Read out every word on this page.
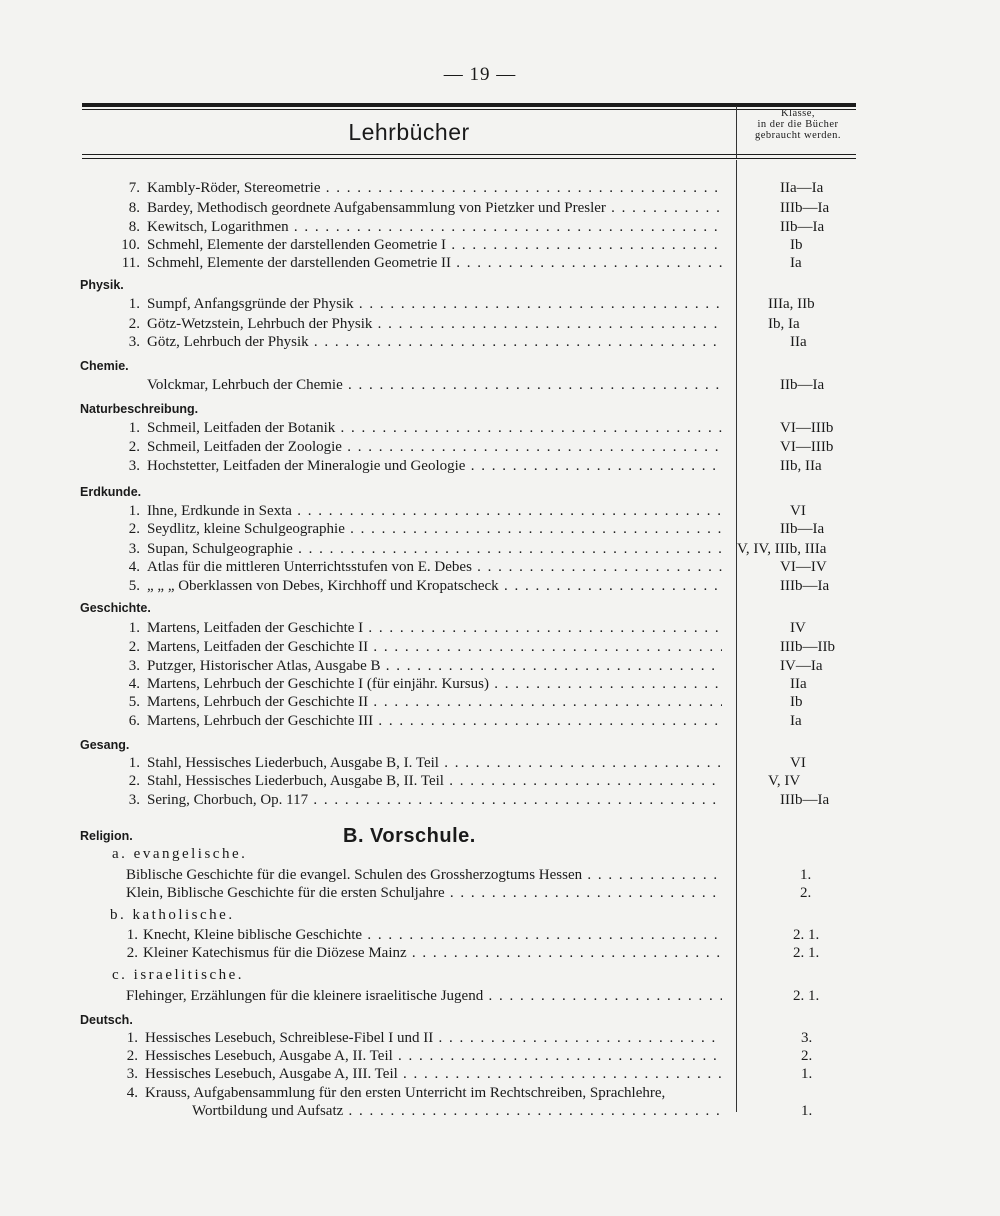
— 19 —
Lehrbücher
Klasse,
in der die Bücher
gebraucht werden.
7. Kambly-Röder, Stereometrie . . .	IIa—Ia
8. Bardey, Methodisch geordnete Aufgabensammlung von Pietzker und Presler . . .	IIIb—Ia
8. Kewitsch, Logarithmen . . .	IIb—Ia
10. Schmehl, Elemente der darstellenden Geometrie I . . .	Ib
11. Schmehl, Elemente der darstellenden Geometrie II . . .	Ia
Physik.
1. Sumpf, Anfangsgründe der Physik . . .	IIIa, IIb
2. Götz-Wetzstein, Lehrbuch der Physik . . .	Ib, Ia
3. Götz, Lehrbuch der Physik . . .	IIa
Chemie.
Volckmar, Lehrbuch der Chemie . . .	IIb—Ia
Naturbeschreibung.
1. Schmeil, Leitfaden der Botanik . . .	VI—IIIb
2. Schmeil, Leitfaden der Zoologie . . .	VI—IIIb
3. Hochstetter, Leitfaden der Mineralogie und Geologie . . .	IIb, IIa
Erdkunde.
1. Ihne, Erdkunde in Sexta . . .	VI
2. Seydlitz, kleine Schulgeographie . . .	IIb—Ia
3. Supan, Schulgeographie . . .	V, IV, IIIb, IIIa
4. Atlas für die mittleren Unterrichtsstufen von E. Debes . . .	VI—IV
5. „ „ „ Oberklassen von Debes, Kirchhoff und Kropatscheck . . .	IIIb—Ia
Geschichte.
1. Martens, Leitfaden der Geschichte I . . .	IV
2. Martens, Leitfaden der Geschichte II . . .	IIIb—IIb
3. Putzger, Historischer Atlas, Ausgabe B . . .	IV—Ia
4. Martens, Lehrbuch der Geschichte I (für einjähr. Kursus) . . .	IIa
5. Martens, Lehrbuch der Geschichte II . . .	Ib
6. Martens, Lehrbuch der Geschichte III . . .	Ia
Gesang.
1. Stahl, Hessisches Liederbuch, Ausgabe B, I. Teil . . .	VI
2. Stahl, Hessisches Liederbuch, Ausgabe B, II. Teil . . .	V, IV
3. Sering, Chorbuch, Op. 117 . . .	IIIb—Ia
B. Vorschule.
Religion.
a. evangelische.
Biblische Geschichte für die evangel. Schulen des Grossherzogtums Hessen . . .	1.
Klein, Biblische Geschichte für die ersten Schuljahre . . .	2.
b. katholische.
1. Knecht, Kleine biblische Geschichte . . .	2. 1.
2. Kleiner Katechismus für die Diözese Mainz . . .	2. 1.
c. israelitische.
Flehinger, Erzählungen für die kleinere israelitische Jugend . . .	2. 1.
Deutsch.
1. Hessisches Lesebuch, Schreiblese-Fibel I und II . . .	3.
2. Hessisches Lesebuch, Ausgabe A, II. Teil . . .	2.
3. Hessisches Lesebuch, Ausgabe A, III. Teil . . .	1.
4. Krauss, Aufgabensammlung für den ersten Unterricht im Rechtschreiben, Sprachlehre,
Wortbildung und Aufsatz . . .	1.
